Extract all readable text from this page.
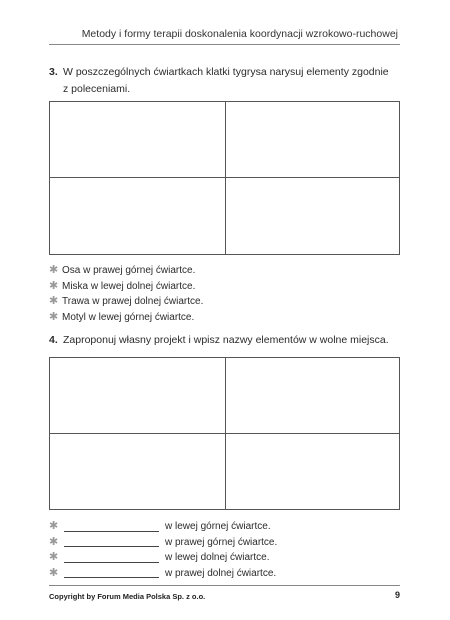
Metody i formy terapii doskonalenia koordynacji wzrokowo-ruchowej
3. W poszczególnych ćwiartkach klatki tygrysa narysuj elementy zgodnie
z poleceniami.
✱ Osa w prawej górnej ćwiartce.
✱ Miska w lewej dolnej ćwiartce.
✱ Trawa w prawej dolnej ćwiartce.
✱ Motyl w lewej górnej ćwiartce.
4. Zaproponuj własny projekt i wpisz nazwy elementów w wolne miejsca.
✱	w lewej górnej ćwiartce.
✱	w prawej górnej ćwiartce.
✱	w lewej dolnej ćwiartce.
✱	w prawej dolnej ćwiartce.
Copyright by Forum Media Polska Sp. z o.o.	9
